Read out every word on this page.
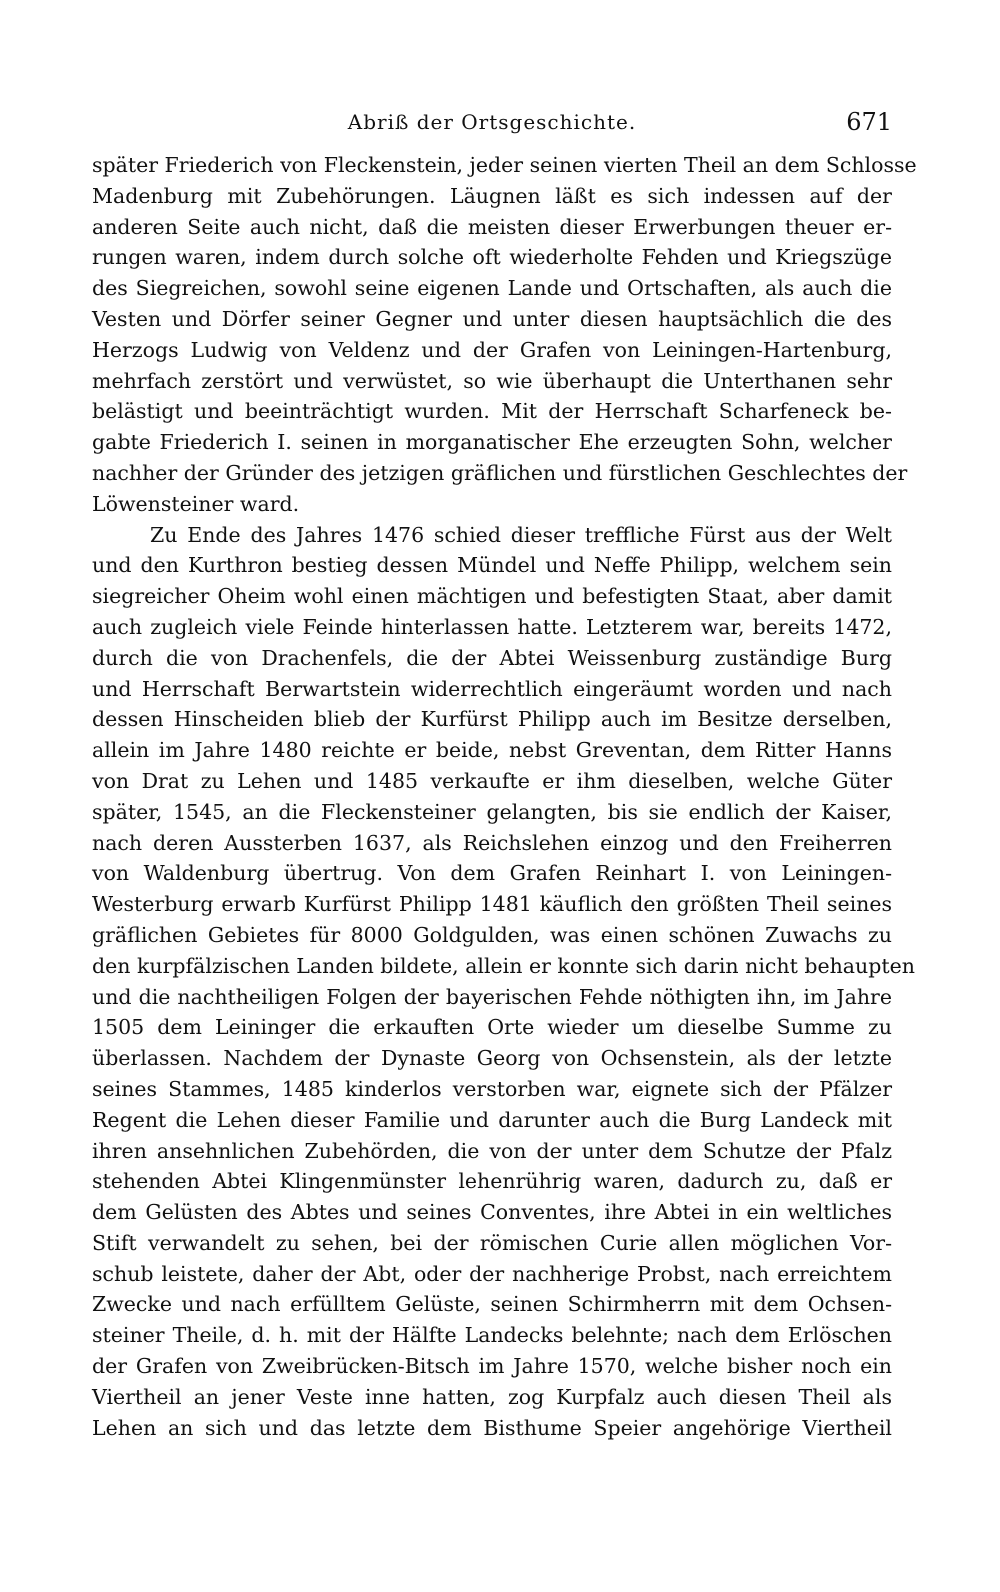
Abriß der Ortsgeschichte.	671
später Friederich von Fleckenstein, jeder seinen vierten Theil an dem Schlosse
Madenburg mit Zubehörungen. Läugnen läßt es sich indessen auf der
anderen Seite auch nicht, daß die meisten dieser Erwerbungen theuer er-
rungen waren, indem durch solche oft wiederholte Fehden und Kriegszüge
des Siegreichen, sowohl seine eigenen Lande und Ortschaften, als auch die
Vesten und Dörfer seiner Gegner und unter diesen hauptsächlich die des
Herzogs Ludwig von Veldenz und der Grafen von Leiningen-Hartenburg,
mehrfach zerstört und verwüstet, so wie überhaupt die Unterthanen sehr
belästigt und beeinträchtigt wurden. Mit der Herrschaft Scharfeneck be-
gabte Friederich I. seinen in morganatischer Ehe erzeugten Sohn, welcher
nachher der Gründer des jetzigen gräflichen und fürstlichen Geschlechtes der
Löwensteiner ward.
Zu Ende des Jahres 1476 schied dieser treffliche Fürst aus der Welt
und den Kurthron bestieg dessen Mündel und Neffe Philipp, welchem sein
siegreicher Oheim wohl einen mächtigen und befestigten Staat, aber damit
auch zugleich viele Feinde hinterlassen hatte. Letzterem war, bereits 1472,
durch die von Drachenfels, die der Abtei Weissenburg zuständige Burg
und Herrschaft Berwartstein widerrechtlich eingeräumt worden und nach
dessen Hinscheiden blieb der Kurfürst Philipp auch im Besitze derselben,
allein im Jahre 1480 reichte er beide, nebst Greventan, dem Ritter Hanns
von Drat zu Lehen und 1485 verkaufte er ihm dieselben, welche Güter
später, 1545, an die Fleckensteiner gelangten, bis sie endlich der Kaiser,
nach deren Aussterben 1637, als Reichslehen einzog und den Freiherren
von Waldenburg übertrug. Von dem Grafen Reinhart I. von Leiningen-
Westerburg erwarb Kurfürst Philipp 1481 käuflich den größten Theil seines
gräflichen Gebietes für 8000 Goldgulden, was einen schönen Zuwachs zu
den kurpfälzischen Landen bildete, allein er konnte sich darin nicht behaupten
und die nachtheiligen Folgen der bayerischen Fehde nöthigten ihn, im Jahre
1505 dem Leininger die erkauften Orte wieder um dieselbe Summe zu
überlassen. Nachdem der Dynaste Georg von Ochsenstein, als der letzte
seines Stammes, 1485 kinderlos verstorben war, eignete sich der Pfälzer
Regent die Lehen dieser Familie und darunter auch die Burg Landeck mit
ihren ansehnlichen Zubehörden, die von der unter dem Schutze der Pfalz
stehenden Abtei Klingenmünster lehenrührig waren, dadurch zu, daß er
dem Gelüsten des Abtes und seines Conventes, ihre Abtei in ein weltliches
Stift verwandelt zu sehen, bei der römischen Curie allen möglichen Vor-
schub leistete, daher der Abt, oder der nachherige Probst, nach erreichtem
Zwecke und nach erfülltem Gelüste, seinen Schirmherrn mit dem Ochsen-
steiner Theile, d. h. mit der Hälfte Landecks belehnte; nach dem Erlöschen
der Grafen von Zweibrücken-Bitsch im Jahre 1570, welche bisher noch ein
Viertheil an jener Veste inne hatten, zog Kurpfalz auch diesen Theil als
Lehen an sich und das letzte dem Bisthume Speier angehörige Viertheil
